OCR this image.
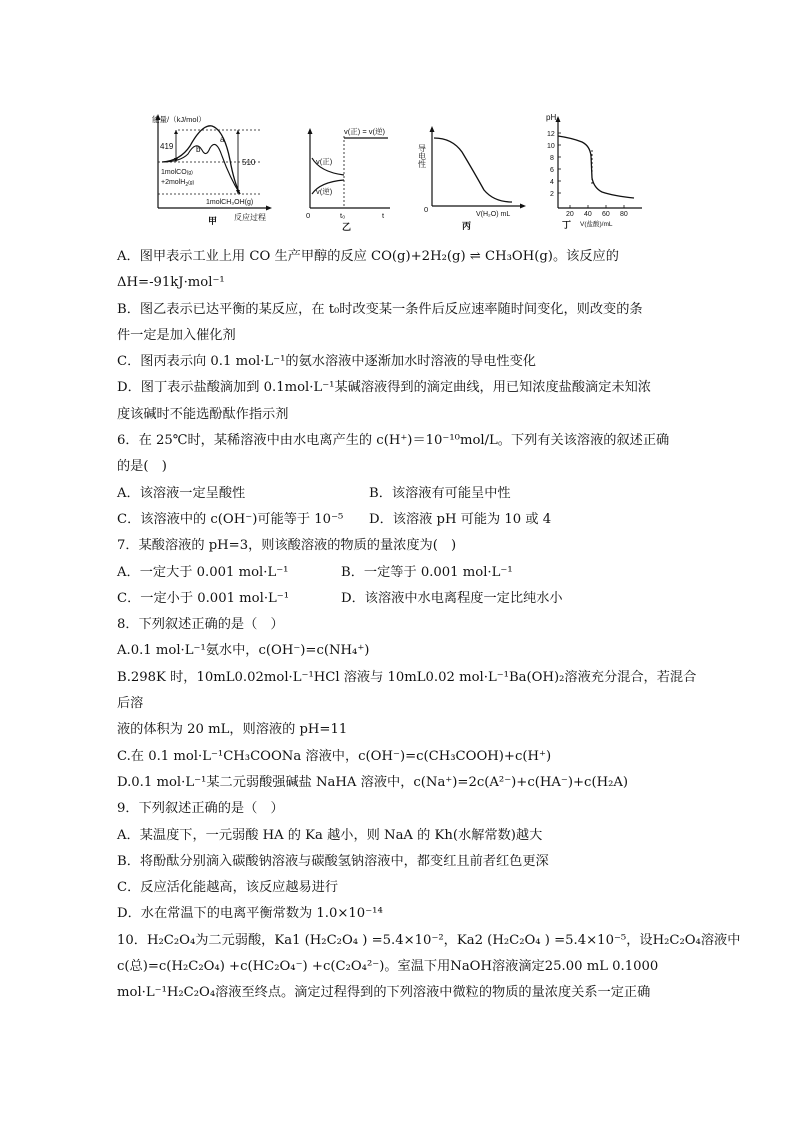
能量/（kJ/mol）
419
510
a
b
1molCO(g)
+2molH$_2^{(g)}$
1molCH₃OH(g)
甲 反应过程
v(正) = v(逆)
v(正)
v(逆)
0	t₀	t
乙
导电性
0
V(H₂O) mL
丙
pH
12
10
8
6
4
2
20 40 60 80
丁 V(盐酸)/mL
A．图甲表示工业上用 CO 生产甲醇的反应 CO(g)+2H₂(g) ⇌ CH₃OH(g)。该反应的
ΔH=-91kJ·mol⁻¹
B．图乙表示已达平衡的某反应，在 t₀时改变某一条件后反应速率随时间变化，则改变的条
件一定是加入催化剂
C．图丙表示向 0.1 mol·L⁻¹的氨水溶液中逐渐加水时溶液的导电性变化
D．图丁表示盐酸滴加到 0.1mol·L⁻¹某碱溶液得到的滴定曲线，用已知浓度盐酸滴定未知浓
度该碱时不能选酚酞作指示剂
6．在 25℃时，某稀溶液中由水电离产生的 c(H⁺)＝10⁻¹⁰mol/L。下列有关该溶液的叙述正确
的是(　)
A．该溶液一定呈酸性	B．该溶液有可能呈中性
C．该溶液中的 c(OH⁻)可能等于 10⁻⁵	D．该溶液 pH 可能为 10 或 4
7．某酸溶液的 pH=3，则该酸溶液的物质的量浓度为(　)
A．一定大于 0.001 mol·L⁻¹	B．一定等于 0.001 mol·L⁻¹
C．一定小于 0.001 mol·L⁻¹	D．该溶液中水电离程度一定比纯水小
8．下列叙述正确的是（　）
A.0.1 mol·L⁻¹氨水中，c(OH⁻)=c(NH₄⁺)
B.298K 时，10mL0.02mol·L⁻¹HCl 溶液与 10mL0.02 mol·L⁻¹Ba(OH)₂溶液充分混合，若混合
后溶
液的体积为 20 mL，则溶液的 pH=11
C.在 0.1 mol·L⁻¹CH₃COONa 溶液中，c(OH⁻)=c(CH₃COOH)+c(H⁺)
D.0.1 mol·L⁻¹某二元弱酸强碱盐 NaHA 溶液中，c(Na⁺)=2c(A²⁻)+c(HA⁻)+c(H₂A)
9．下列叙述正确的是（　）
A．某温度下，一元弱酸 HA 的 Ka 越小，则 NaA 的 Kh(水解常数)越大
B．将酚酞分别滴入碳酸钠溶液与碳酸氢钠溶液中，都变红且前者红色更深
C．反应活化能越高，该反应越易进行
D．水在常温下的电离平衡常数为 1.0×10⁻¹⁴
10．H₂C₂O₄为二元弱酸，Ka1 (H₂C₂O₄ ) =5.4×10⁻²，Ka2 (H₂C₂O₄ ) =5.4×10⁻⁵，设H₂C₂O₄溶液中
c(总)=c(H₂C₂O₄) +c(HC₂O₄⁻) +c(C₂O₄²⁻)。室温下用NaOH溶液滴定25.00 mL 0.1000
mol·L⁻¹H₂C₂O₄溶液至终点。滴定过程得到的下列溶液中微粒的物质的量浓度关系一定正确
